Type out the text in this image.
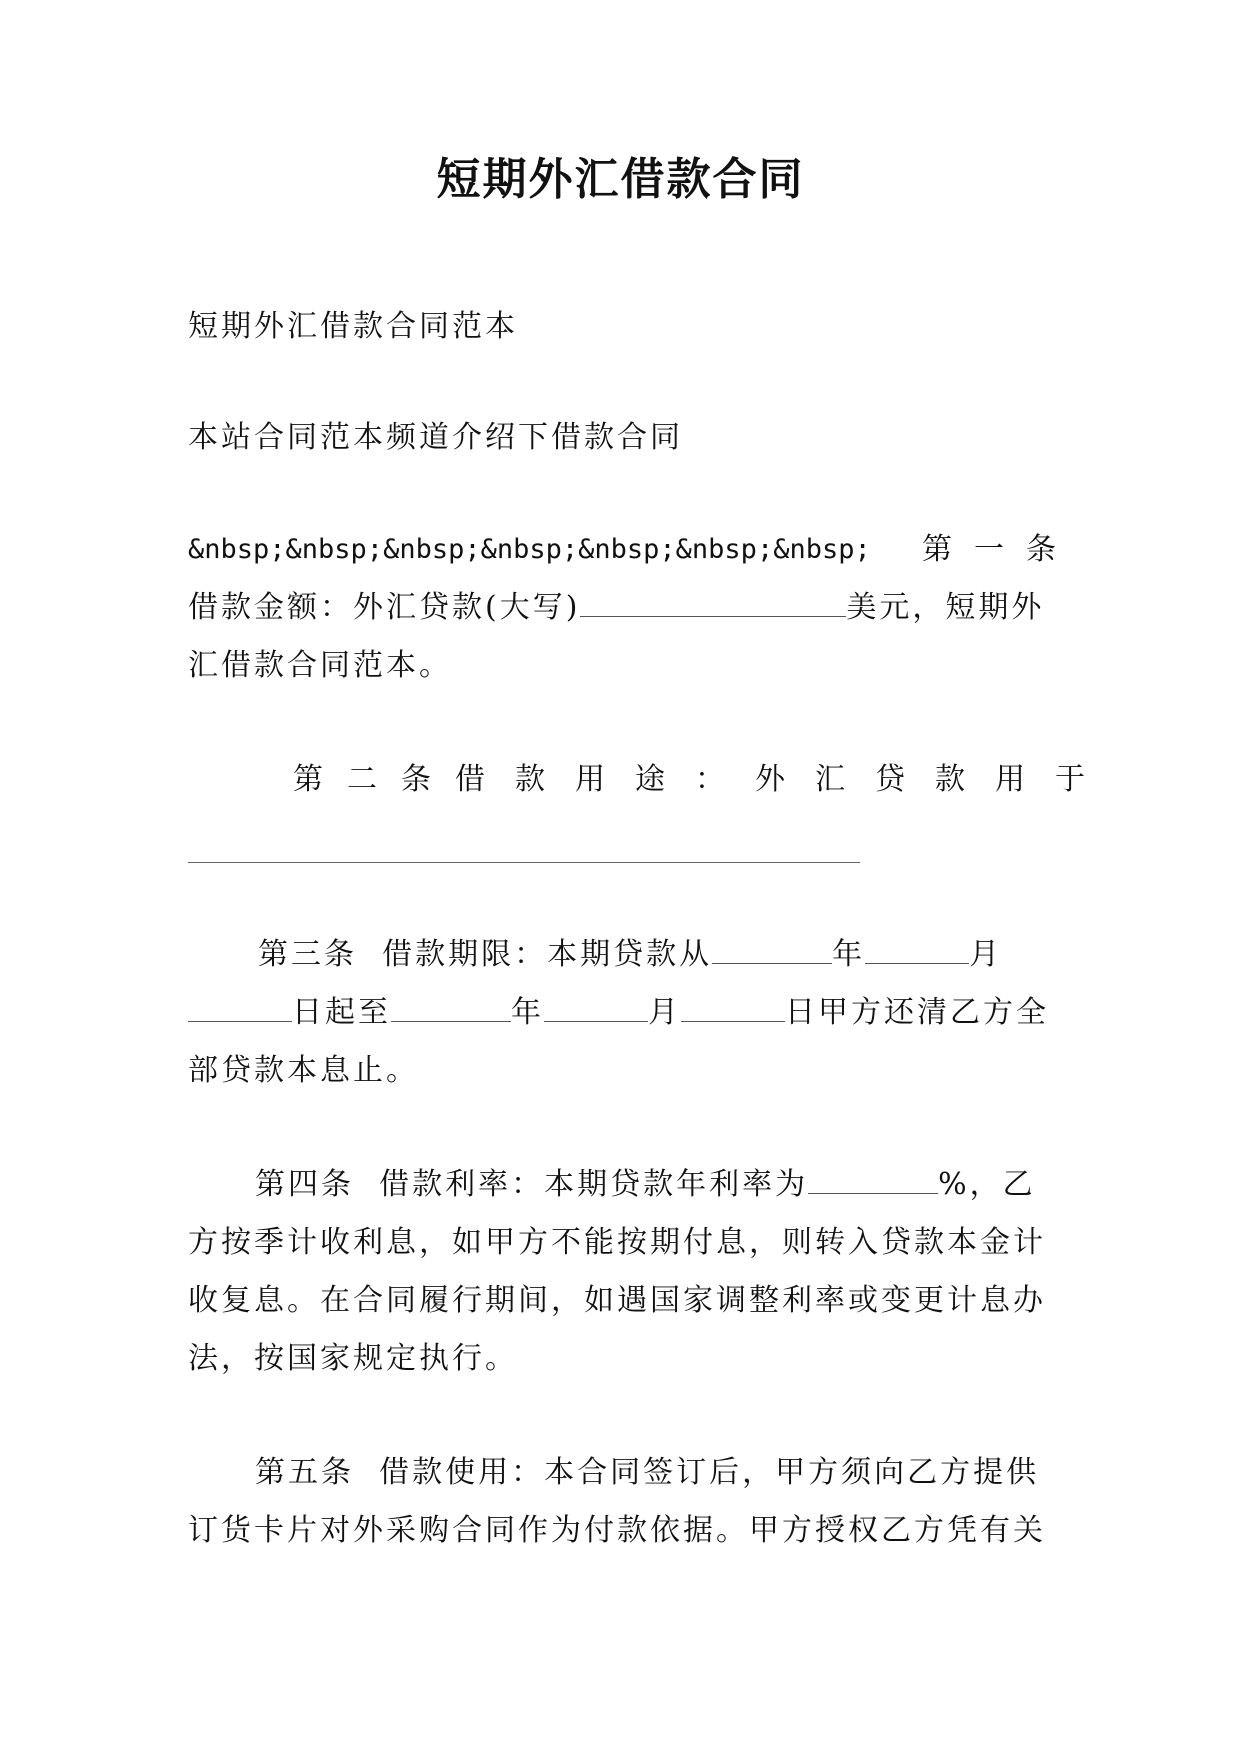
短期外汇借款合同

短期外汇借款合同范本

本站合同范本频道介绍下借款合同

&nbsp;&nbsp;&nbsp;&nbsp;&nbsp;&nbsp;&nbsp; 第一条
借款金额：外汇贷款(大写)	美元，短期外

汇借款合同范本。

第二条 借款用途：外汇贷款用于
第三条  借款期限：本期贷款从	年	月
日起至	年	月	日甲方还清乙方全

部贷款本息止。

第四条  借款利率：本期贷款年利率为	%，乙

方按季计收利息，如甲方不能按期付息，则转入贷款本金计

收复息。在合同履行期间，如遇国家调整利率或变更计息办

法，按国家规定执行。

第五条  借款使用：本合同签订后，甲方须向乙方提供

订货卡片对外采购合同作为付款依据。甲方授权乙方凭有关
